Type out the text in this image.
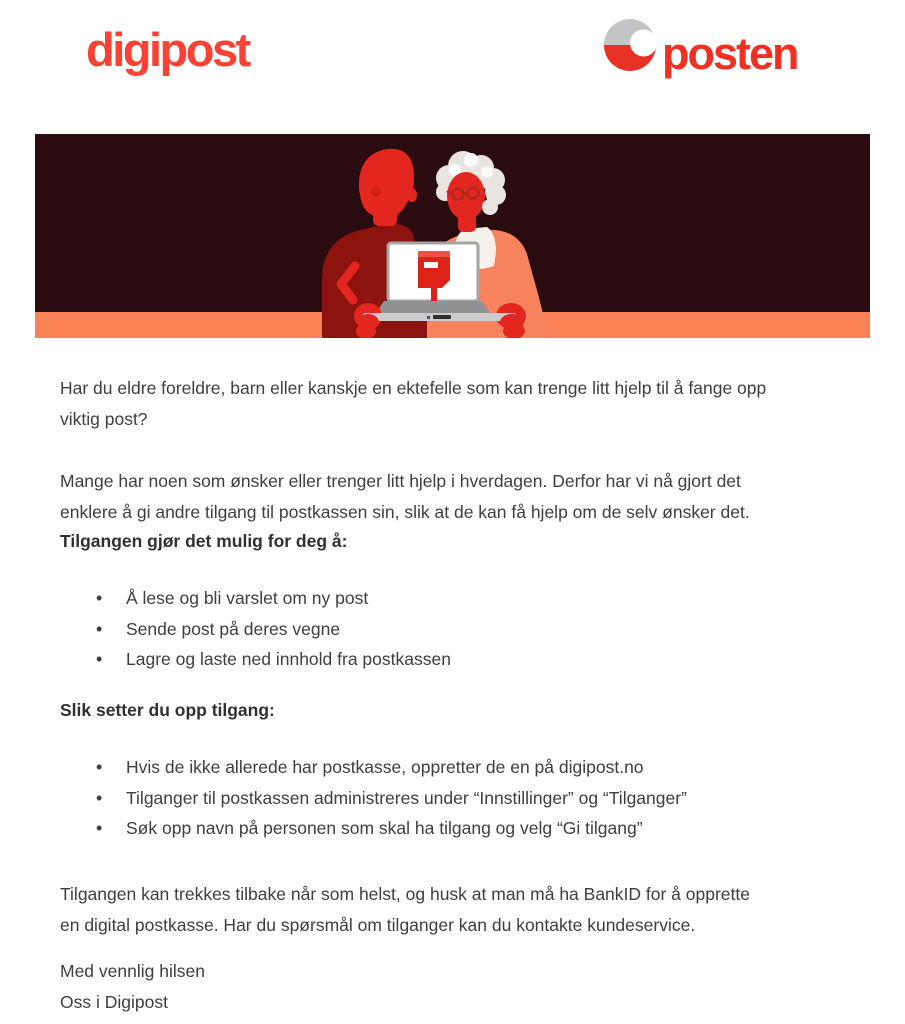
digipost	posten

Har du eldre foreldre, barn eller kanskje en ektefelle som kan trenge litt hjelp til å fange opp
viktig post?

Mange har noen som ønsker eller trenger litt hjelp i hverdagen. Derfor har vi nå gjort det
enklere å gi andre tilgang til postkassen sin, slik at de kan få hjelp om de selv ønsker det.

Tilgangen gjør det mulig for deg å:
• Å lese og bli varslet om ny post
• Sende post på deres vegne
• Lagre og laste ned innhold fra postkassen
Slik setter du opp tilgang:
• Hvis de ikke allerede har postkasse, oppretter de en på digipost.no
• Tilganger til postkassen administreres under “Innstillinger” og “Tilganger”
• Søk opp navn på personen som skal ha tilgang og velg “Gi tilgang”

Tilgangen kan trekkes tilbake når som helst, og husk at man må ha BankID for å opprette
en digital postkasse. Har du spørsmål om tilganger kan du kontakte kundeservice.

Med vennlig hilsen
Oss i Digipost
